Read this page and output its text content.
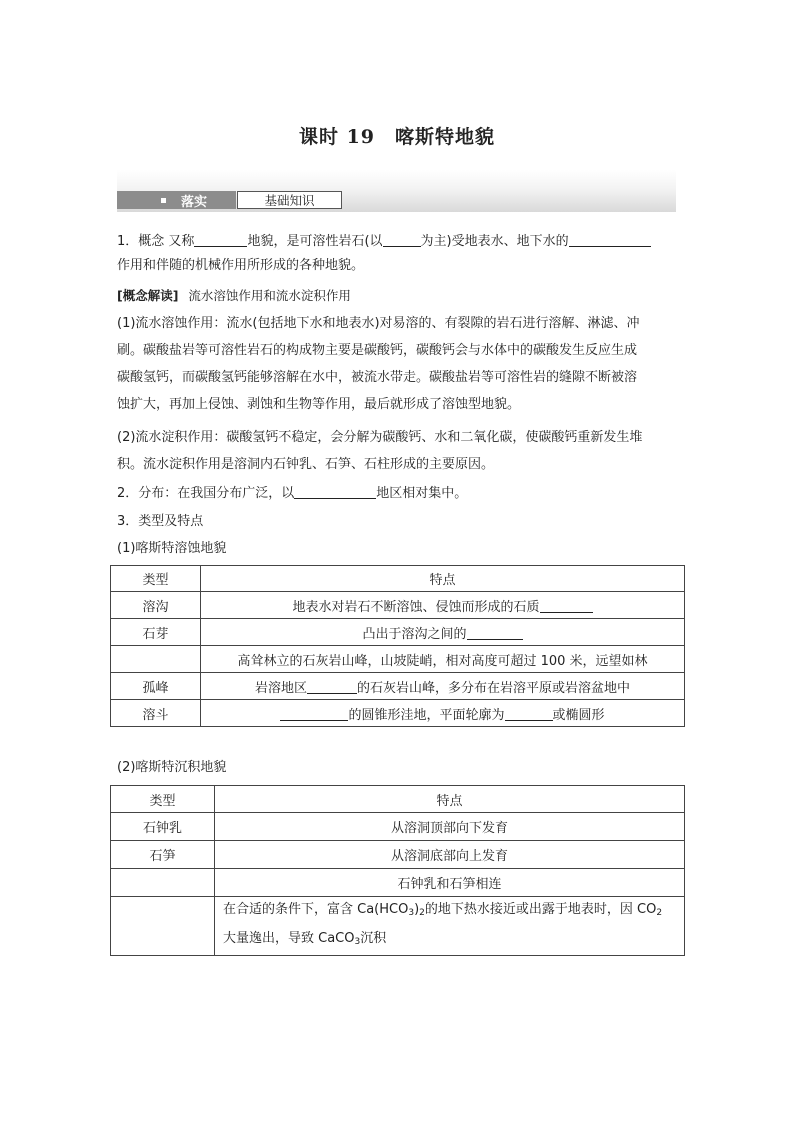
课时 19　喀斯特地貌
落实	基础知识
1．概念 又称	地貌，是可溶性岩石(以	为主)受地表水、地下水的
作用和伴随的机械作用所形成的各种地貌。
[概念解读] 流水溶蚀作用和流水淀积作用
(1)流水溶蚀作用：流水(包括地下水和地表水)对易溶的、有裂隙的岩石进行溶解、淋滤、冲
刷。碳酸盐岩等可溶性岩石的构成物主要是碳酸钙，碳酸钙会与水体中的碳酸发生反应生成
碳酸氢钙，而碳酸氢钙能够溶解在水中，被流水带走。碳酸盐岩等可溶性岩的缝隙不断被溶
蚀扩大，再加上侵蚀、剥蚀和生物等作用，最后就形成了溶蚀型地貌。
(2)流水淀积作用：碳酸氢钙不稳定，会分解为碳酸钙、水和二氧化碳，使碳酸钙重新发生堆
积。流水淀积作用是溶洞内石钟乳、石笋、石柱形成的主要原因。
2．分布：在我国分布广泛，以	地区相对集中。
3．类型及特点
(1)喀斯特溶蚀地貌
类型	特点
溶沟	地表水对岩石不断溶蚀、侵蚀而形成的石质
石芽	凸出于溶沟之间的
	高耸林立的石灰岩山峰，山坡陡峭，相对高度可超过 100 米，远望如林
孤峰	岩溶地区 的石灰岩山峰，多分布在岩溶平原或岩溶盆地中
溶斗	的圆锥形洼地，平面轮廓为 或椭圆形
(2)喀斯特沉积地貌
类型	特点
石钟乳	从溶洞顶部向下发育
石笋	从溶洞底部向上发育
	石钟乳和石笋相连
	在合适的条件下，富含 $Ca(HCO_3)_2$的地下热水接近或出露于地表时，因 $CO_2$
大量逸出，导致 CaCO$_3$沉积
